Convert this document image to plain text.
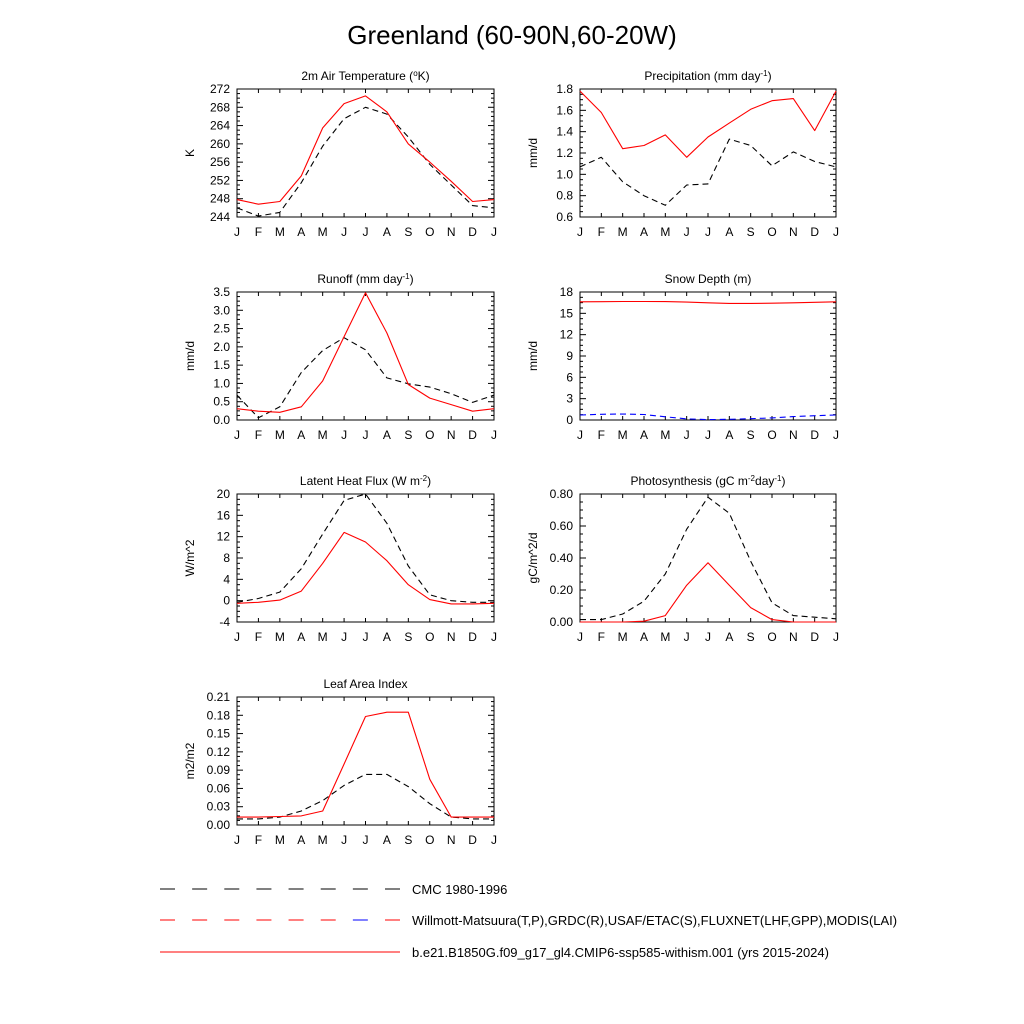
Greenland (60-90N,60-20W)
J F M A M J J A S O N D J
244
248
252
256
260
264
268
272
K
2m Air Temperature ($^o$K)
J F M A M J J A S O N D J
0.6
0.8
1.0
1.2
1.4
1.6
1.8
mm/d
Precipitation (mm day$^{-1}$)
J F M A M J J A S O N D J
0.0
0.5
1.0
1.5
2.0
2.5
3.0
3.5
mm/d
Runoff (mm day$^{-1}$)
J F M A M J J A S O N D J
0
3
6
9
12
15
18
mm/d
Snow Depth (m)
J F M A M J J A S O N D J
-4
0
4
8
12
16
20
W/m^2
Latent Heat Flux (W $m^{-2}$)
J F M A M J J A S O N D J
0.00
0.20
0.40
0.60
0.80
gC/m^2/d
Photosynthesis (gC $m^{-2}day^{-1}$)
J F M A M J J A S O N D J
0.00
0.03
0.06
0.09
0.12
0.15
0.18
0.21
m2/m2
Leaf Area Index
CMC 1980-1996
Willmott-Matsuura(T,P),GRDC(R),USAF/ETAC(S),FLUXNET(LHF,GPP),MODIS(LAI)
b.e21.B1850G.f09_g17_gl4.CMIP6-ssp585-withism.001 (yrs 2015-2024)
